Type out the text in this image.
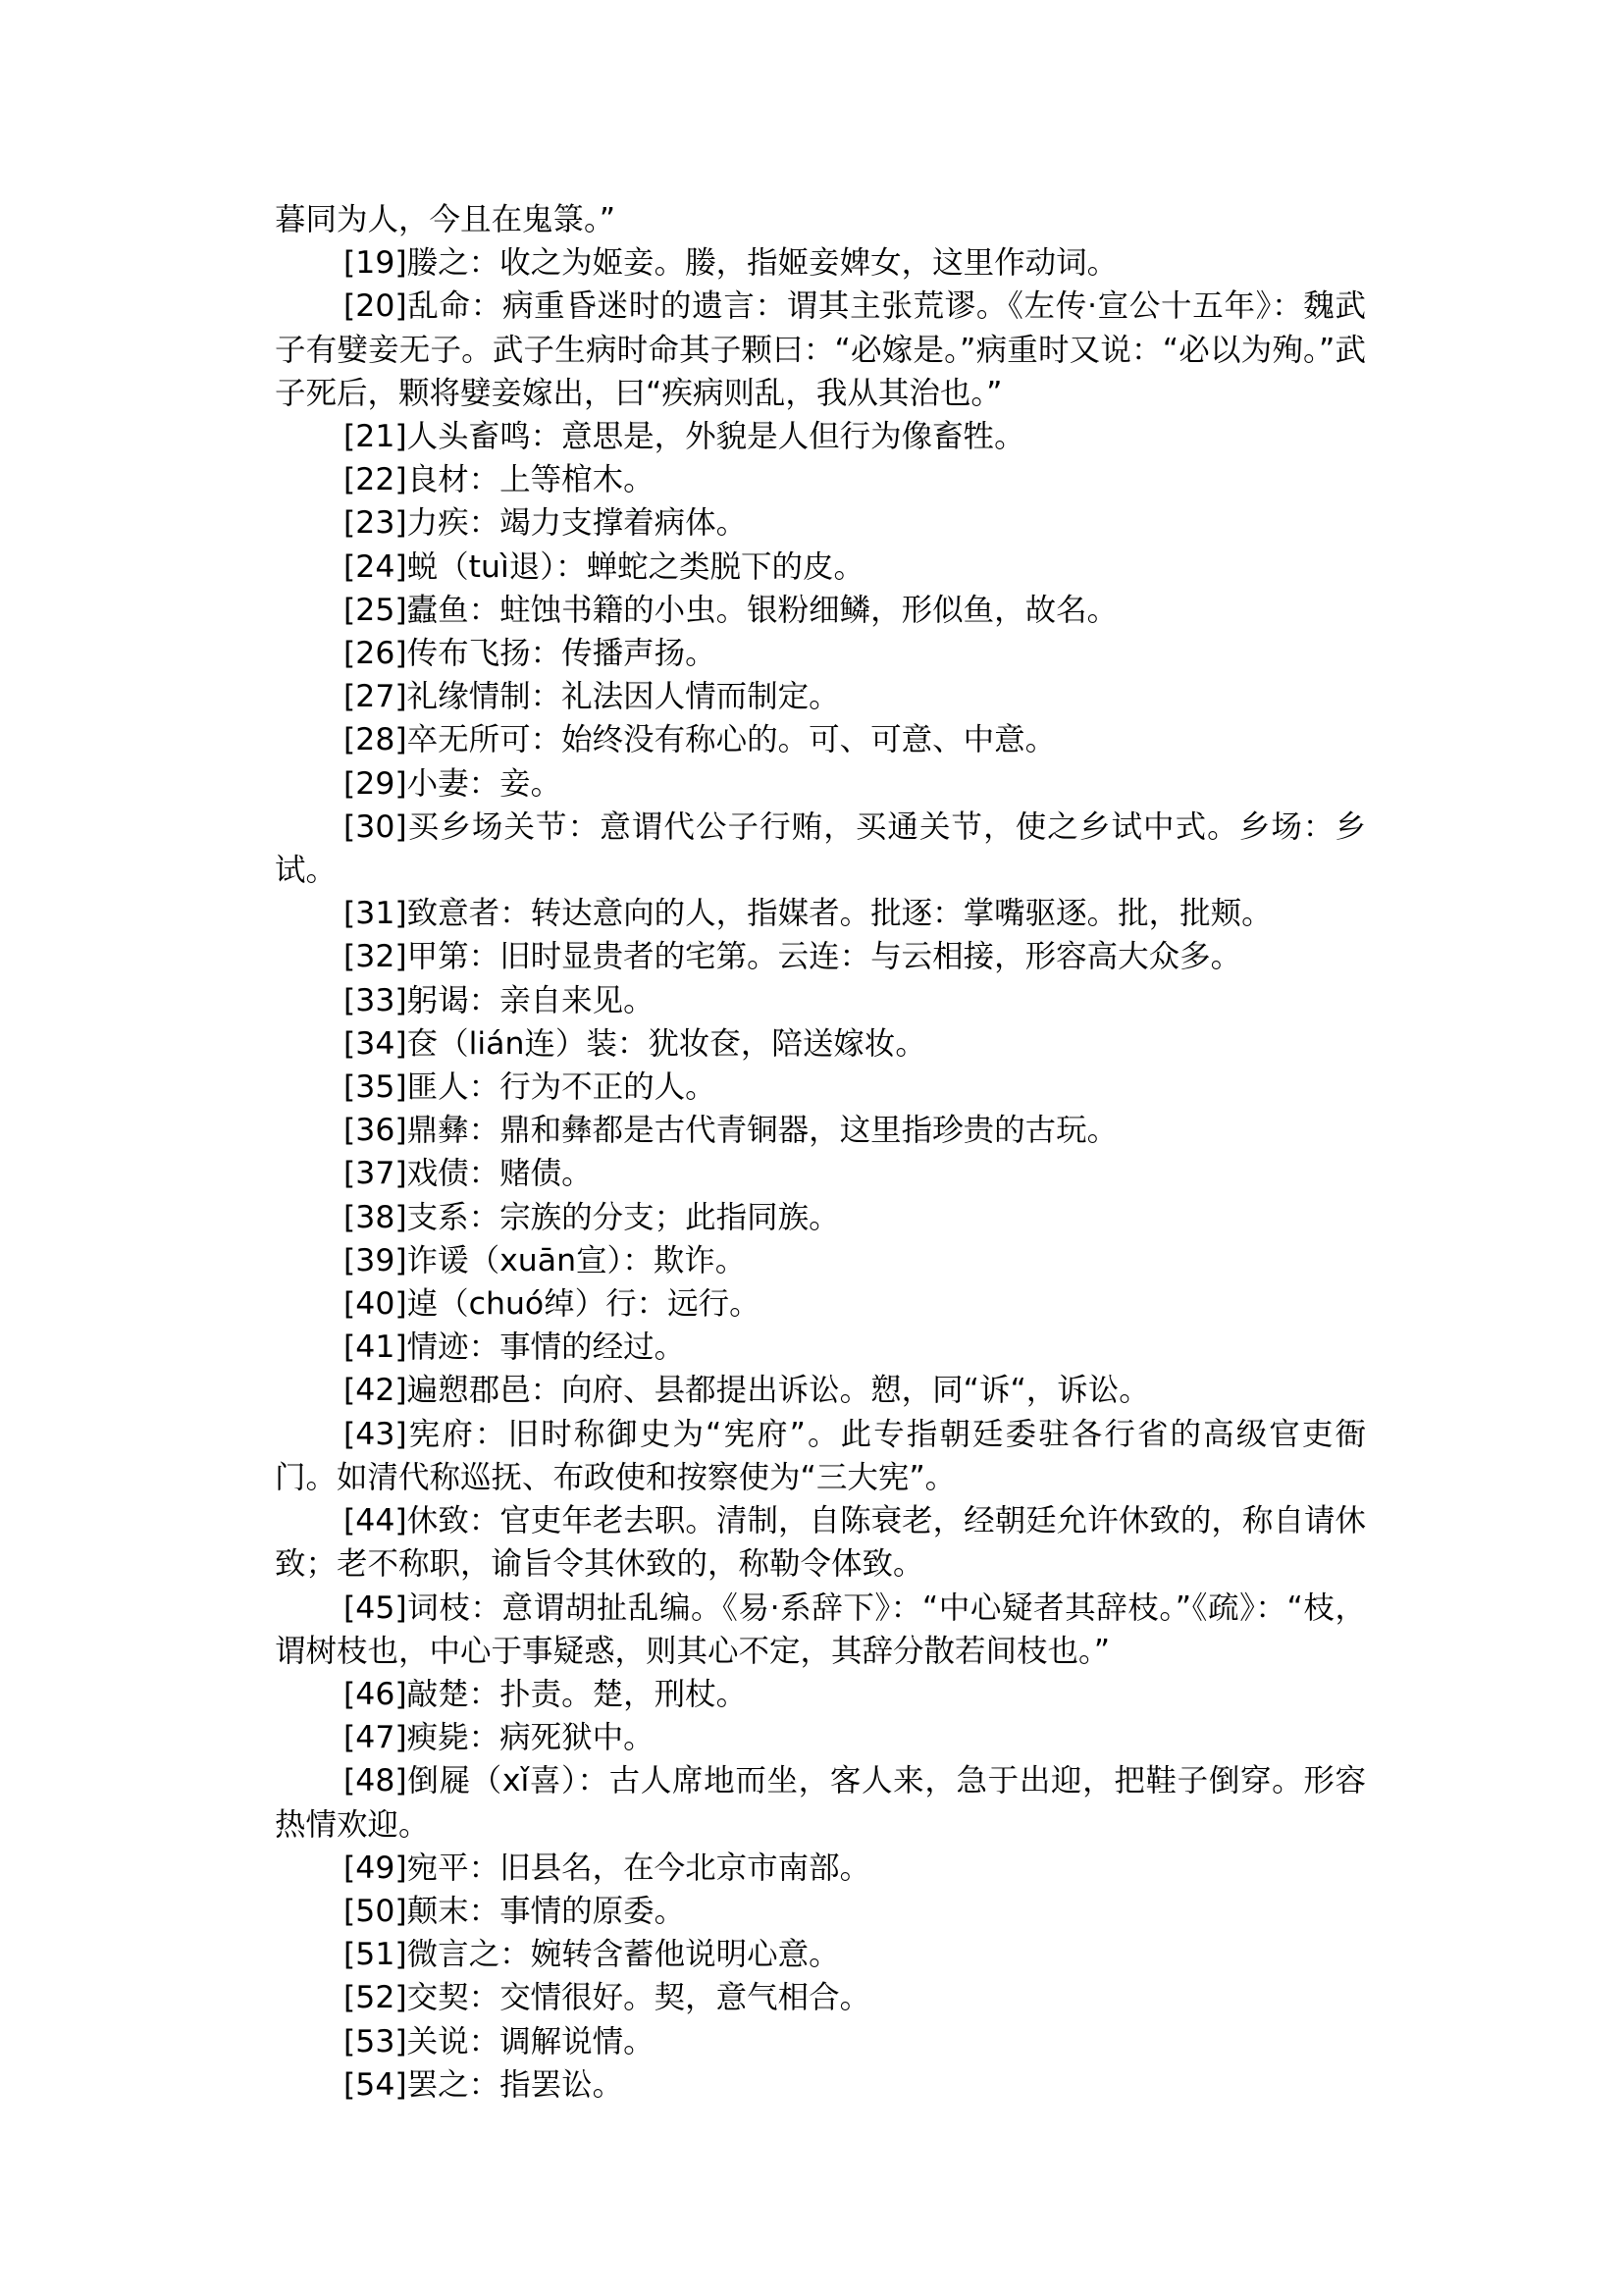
暮同为人，今且在鬼箓。”

[19]媵之：收之为姬妾。媵，指姬妾婢女，这里作动词。

[20]乱命：病重昏迷时的遗言：谓其主张荒谬。《左传·宣公十五年》：魏武子有嬖妾无子。武子生病时命其子颗曰：“必嫁是。”病重时又说：“必以为殉。”武子死后，颗将嬖妾嫁出，曰“疾病则乱，我从其治也。”

[21]人头畜鸣：意思是，外貌是人但行为像畜牲。

[22]良材：上等棺木。

[23]力疾：竭力支撑着病体。

[24]蜕（tuì退）：蝉蛇之类脱下的皮。

[25]蠹鱼：蛀蚀书籍的小虫。银粉细鳞，形似鱼，故名。

[26]传布飞扬：传播声扬。

[27]礼缘情制：礼法因人情而制定。

[28]卒无所可：始终没有称心的。可、可意、中意。

[29]小妻：妾。

[30]买乡场关节：意谓代公子行贿，买通关节，使之乡试中式。乡场：乡试。

[31]致意者：转达意向的人，指媒者。批逐：掌嘴驱逐。批，批颊。

[32]甲第：旧时显贵者的宅第。云连：与云相接，形容高大众多。

[33]躬谒：亲自来见。

[34]奁（lián连）装：犹妆奁，陪送嫁妆。

[35]匪人：行为不正的人。

[36]鼎彝：鼎和彝都是古代青铜器，这里指珍贵的古玩。

[37]戏债：赌债。

[38]支系：宗族的分支；此指同族。

[39]诈谖（xuān宣）：欺诈。

[40]逴（chuó绰）行：远行。

[41]情迹：事情的经过。

[42]遍愬郡邑：向府、县都提出诉讼。愬，同“诉“，诉讼。

[43]宪府：旧时称御史为“宪府”。此专指朝廷委驻各行省的高级官吏衙门。如清代称巡抚、布政使和按察使为“三大宪”。

[44]休致：官吏年老去职。清制，自陈衰老，经朝廷允许休致的，称自请休致；老不称职，谕旨令其休致的，称勒令体致。

[45]词枝：意谓胡扯乱编。《易·系辞下》：“中心疑者其辞枝。”《疏》：“枝，谓树枝也，中心于事疑惑，则其心不定，其辞分散若间枝也。”

[46]敲楚：扑责。楚，刑杖。

[47]瘐毙：病死狱中。

[48]倒屣（xǐ喜）：古人席地而坐，客人来，急于出迎，把鞋子倒穿。形容热情欢迎。

[49]宛平：旧县名，在今北京市南部。

[50]颠末：事情的原委。

[51]微言之：婉转含蓄他说明心意。

[52]交契：交情很好。契，意气相合。

[53]关说：调解说情。

[54]罢之：指罢讼。
